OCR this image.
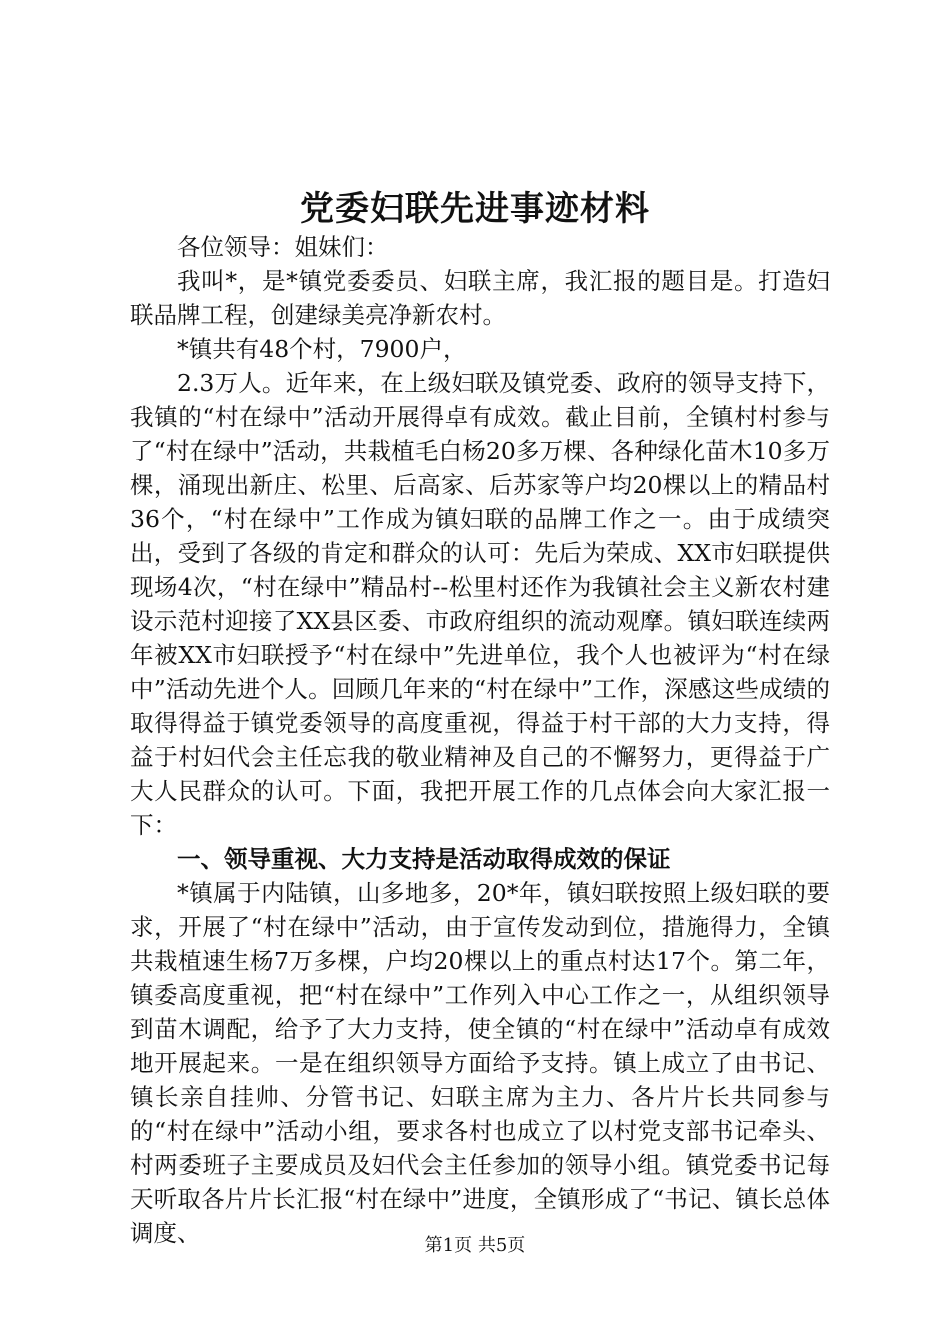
党委妇联先进事迹材料

各位领导：姐妹们：

我叫*，是*镇党委委员、妇联主席，我汇报的题目是。打造妇联品牌工程，创建绿美亮净新农村。

*镇共有48个村，7900户，

2.3万人。近年来，在上级妇联及镇党委、政府的领导支持下，我镇的“村在绿中”活动开展得卓有成效。截止目前，全镇村村参与了“村在绿中”活动，共栽植毛白杨20多万棵、各种绿化苗木10多万棵，涌现出新庄、松里、后高家、后苏家等户均20棵以上的精品村36个，“村在绿中”工作成为镇妇联的品牌工作之一。由于成绩突出，受到了各级的肯定和群众的认可：先后为荣成、XX市妇联提供现场4次，“村在绿中”精品村--松里村还作为我镇社会主义新农村建设示范村迎接了XX县区委、市政府组织的流动观摩。镇妇联连续两年被XX市妇联授予“村在绿中”先进单位，我个人也被评为“村在绿中”活动先进个人。回顾几年来的“村在绿中”工作，深感这些成绩的取得得益于镇党委领导的高度重视，得益于村干部的大力支持，得益于村妇代会主任忘我的敬业精神及自己的不懈努力，更得益于广大人民群众的认可。下面，我把开展工作的几点体会向大家汇报一下：

一、领导重视、大力支持是活动取得成效的保证

*镇属于内陆镇，山多地多，20*年，镇妇联按照上级妇联的要求，开展了“村在绿中”活动，由于宣传发动到位，措施得力，全镇共栽植速生杨7万多棵，户均20棵以上的重点村达17个。第二年，镇委高度重视，把“村在绿中”工作列入中心工作之一，从组织领导到苗木调配，给予了大力支持，使全镇的“村在绿中”活动卓有成效地开展起来。一是在组织领导方面给予支持。镇上成立了由书记、镇长亲自挂帅、分管书记、妇联主席为主力、各片片长共同参与的“村在绿中”活动小组，要求各村也成立了以村党支部书记牵头、村两委班子主要成员及妇代会主任参加的领导小组。镇党委书记每天听取各片片长汇报“村在绿中”进度，全镇形成了“书记、镇长总体调度、	第1页 共5页
